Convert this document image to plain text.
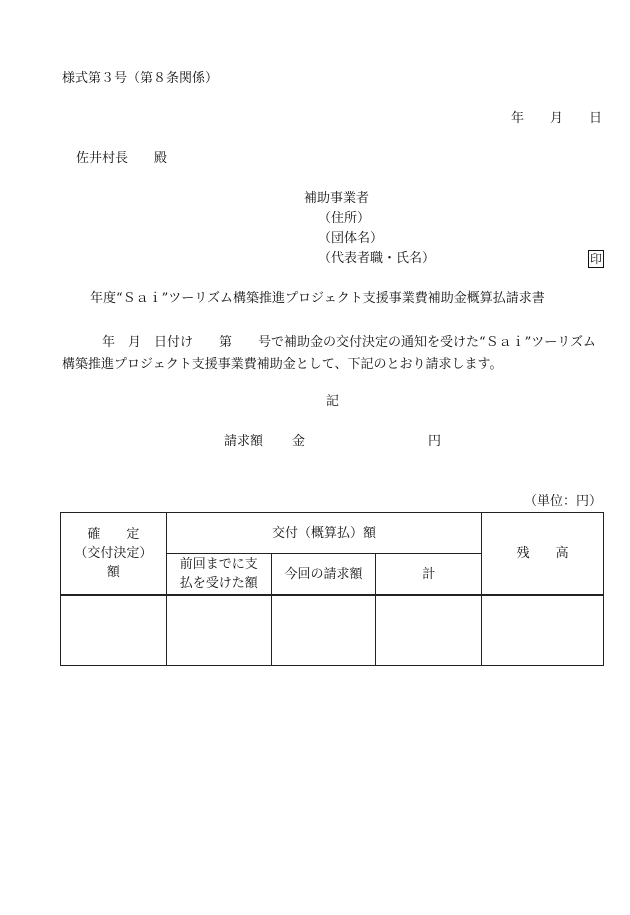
様式第３号（第８条関係）
年 月 日
佐井村長　　殿
補助事業者
（住所）
（団体名）
（代表者職・氏名）	印
年度“Ｓａｉ”ツーリズム構築推進プロジェクト支援事業費補助金概算払請求書
年　月　日付け　　第　　号で補助金の交付決定の通知を受けた“Ｓａｉ”ツーリズム構築推進プロジェクト支援事業費補助金として、下記のとおり請求します。
記
請求額 金	円
（単位：円）
確　　定
（交付決定）
額	交付（概算払）額			残　　高

	前回までに支
払を受けた額	今回の請求額	計	
